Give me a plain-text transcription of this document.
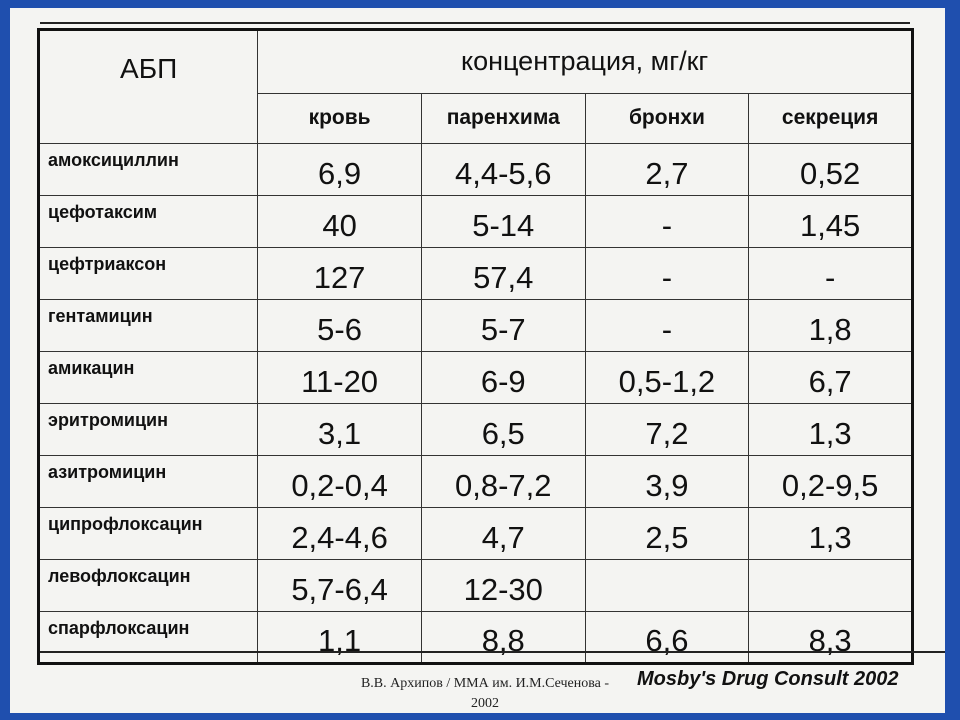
АБП	концентрация, мг/кг			
	кровь	паренхима	бронхи	секреция
амоксициллин	6,9	4,4-5,6	2,7	0,52
цефотаксим	40	5-14	-	1,45
цефтриаксон	127	57,4	-	-
гентамицин	5-6	5-7	-	1,8
амикацин	11-20	6-9	0,5-1,2	6,7
эритромицин	3,1	6,5	7,2	1,3
азитромицин	0,2-0,4	0,8-7,2	3,9	0,2-9,5
ципрофлоксацин	2,4-4,6	4,7	2,5	1,3
левофлоксацин	5,7-6,4	12-30		
спарфлоксацин	1,1	8,8	6,6	8,3
В.В. Архипов / ММА им. И.М.Сеченова -
2002
Mosby's Drug Consult 2002
